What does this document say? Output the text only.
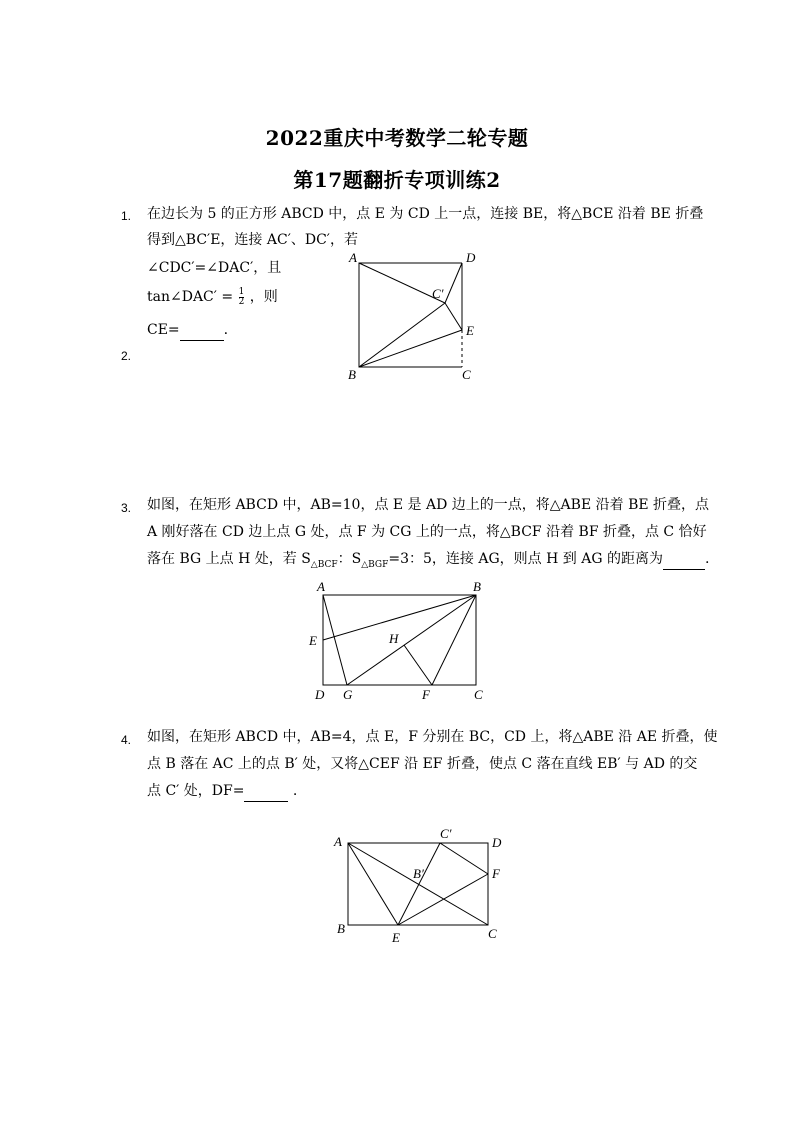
2022重庆中考数学二轮专题
第17题翻折专项训练2
1. 在边长为 5 的正方形 ABCD 中，点 E 为 CD 上一点，连接 BE，将△BCE 沿着 BE 折叠
得到△BC′E，连接 AC′、DC′，若
∠CDC′=∠DAC′，且
tan∠DAC′ = $\frac{1}{2}$ ，则
CE=	.
A	D
C′
E
B	C
2.
3. 如图，在矩形 ABCD 中，AB=10，点 E 是 AD 边上的一点，将△ABE 沿着 BE 折叠，点
A 刚好落在 CD 边上点 G 处，点 F 为 CG 上的一点，将△BCF 沿着 BF 折叠，点 C 恰好
落在 BG 上点 H 处，若 $S_{\triangle BCF}$：$S_{\triangle BGF}=3$：5，连接 AG，则点 H 到 AG 的距离为	.
A	B
E	H
D G	F	C
4. 如图，在矩形 ABCD 中，AB=4，点 E，F 分别在 BC，CD 上，将△ABE 沿 AE 折叠，使
点 B 落在 AC 上的点 B′ 处，又将△CEF 沿 EF 折叠，使点 C 落在直线 EB′ 与 AD 的交
点 C′ 处，DF=	.
A
C′
D
B′	F
B
E	C
